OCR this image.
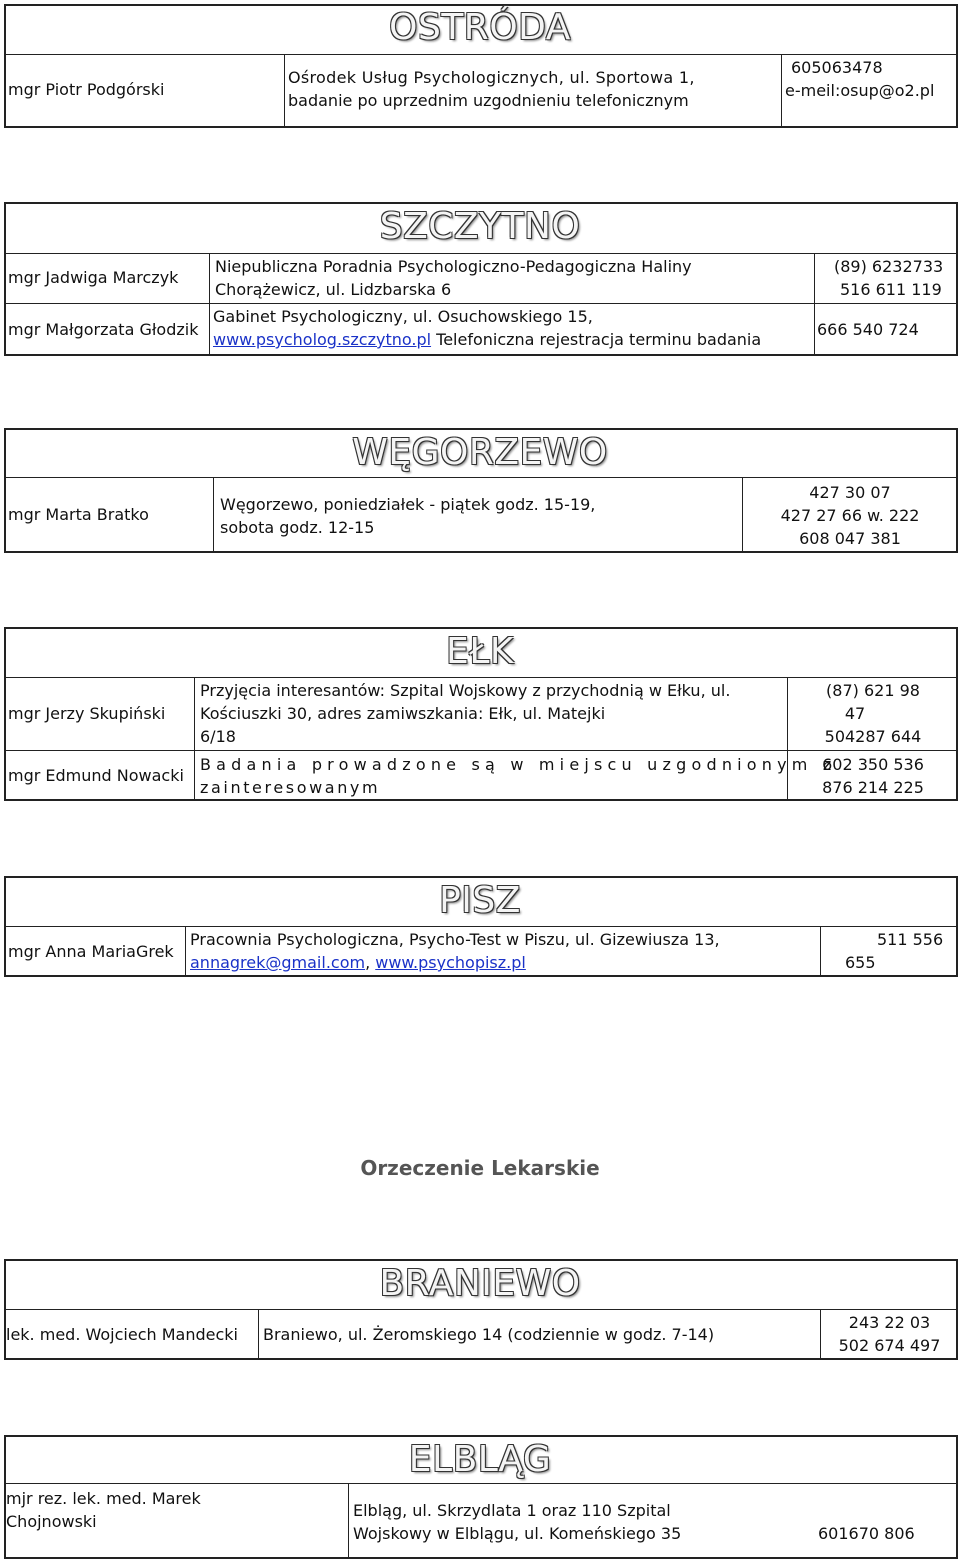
OSTRÓDA
mgr Piotr Podgórski
Ośrodek Usług Psychologicznych, ul. Sportowa 1,
badanie po uprzednim uzgodnieniu telefonicznym
605063478
e-meil:osup@o2.pl
SZCZYTNO
mgr Jadwiga Marczyk
Niepubliczna Poradnia Psychologiczno-Pedagogiczna Haliny
Chorążewicz, ul. Lidzbarska 6
(89) 6232733
516 611 119
mgr Małgorzata Głodzik
Gabinet Psychologiczny, ul. Osuchowskiego 15,
www.psycholog.szczytno.pl Telefoniczna rejestracja terminu badania
666 540 724
WĘGORZEWO
mgr Marta Bratko
Węgorzewo, poniedziałek - piątek godz. 15-19,
sobota godz. 12-15
427 30 07
427 27 66 w. 222
608 047 381
EŁK
mgr Jerzy Skupiński
Przyjęcia interesantów: Szpital Wojskowy z przychodnią w Ełku, ul.
Kościuszki 30, adres zamiwszkania: Ełk, ul. Matejki
6/18
(87) 621 98
47
504287 644
mgr Edmund Nowacki
Badania prowadzone są w miejscu uzgodnionym z
zainteresowanym
602 350 536
876 214 225
PISZ
mgr Anna MariaGrek
Pracownia Psychologiczna, Psycho-Test w Piszu, ul. Gizewiusza 13,
annagrek@gmail.com, www.psychopisz.pl
511 556
655
Orzeczenie Lekarskie
BRANIEWO
lek. med. Wojciech Mandecki Braniewo, ul. Żeromskiego 14 (codziennie w godz. 7-14)
243 22 03
502 674 497
ELBLĄG
mjr rez. lek. med. Marek
Chojnowski
Elbląg, ul. Skrzydlata 1 oraz 110 Szpital
Wojskowy w Elblągu, ul. Komeńskiego 35	601670 806
